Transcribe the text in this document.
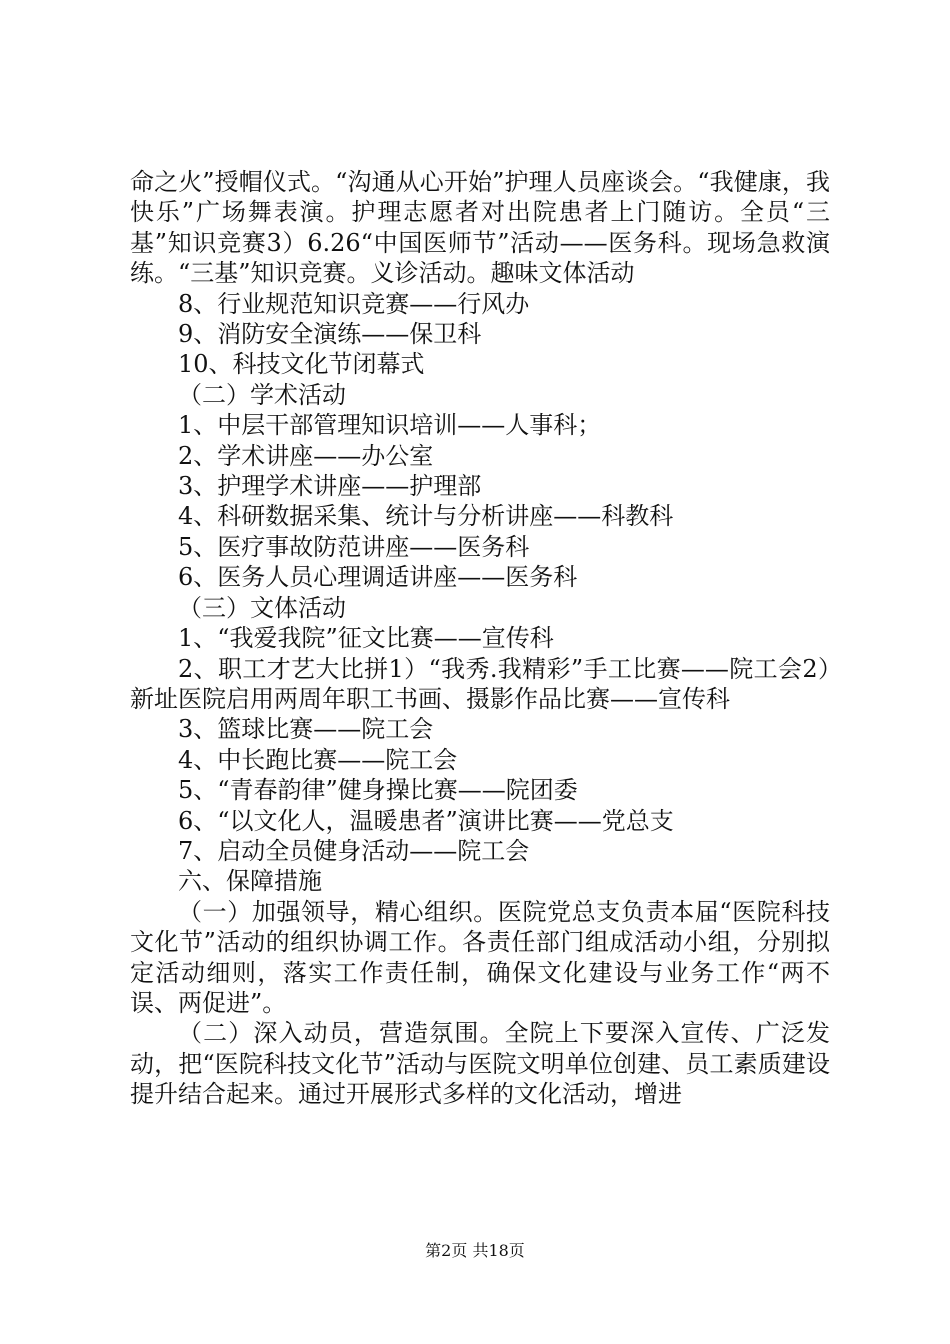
命之火”授帽仪式。“沟通从心开始”护理人员座谈会。“我健康，我快乐”广场舞表演。护理志愿者对出院患者上门随访。全员“三基”知识竞赛3）6.26“中国医师节”活动——医务科。现场急救演练。“三基”知识竞赛。义诊活动。趣味文体活动

8、行业规范知识竞赛——行风办

9、消防安全演练——保卫科

10、科技文化节闭幕式

（二）学术活动

1、中层干部管理知识培训——人事科；

2、学术讲座——办公室

3、护理学术讲座——护理部

4、科研数据采集、统计与分析讲座——科教科

5、医疗事故防范讲座——医务科

6、医务人员心理调适讲座——医务科

（三）文体活动

1、“我爱我院”征文比赛——宣传科

2、职工才艺大比拼1）“我秀.我精彩”手工比赛——院工会2）新址医院启用两周年职工书画、摄影作品比赛——宣传科

3、篮球比赛——院工会

4、中长跑比赛——院工会

5、“青春韵律”健身操比赛——院团委

6、“以文化人，温暖患者”演讲比赛——党总支

7、启动全员健身活动——院工会

六、保障措施

（一）加强领导，精心组织。医院党总支负责本届“医院科技文化节”活动的组织协调工作。各责任部门组成活动小组，分别拟定活动细则，落实工作责任制，确保文化建设与业务工作“两不误、两促进”。

（二）深入动员，营造氛围。全院上下要深入宣传、广泛发动，把“医院科技文化节”活动与医院文明单位创建、员工素质建设提升结合起来。通过开展形式多样的文化活动，增进

第2页 共18页
